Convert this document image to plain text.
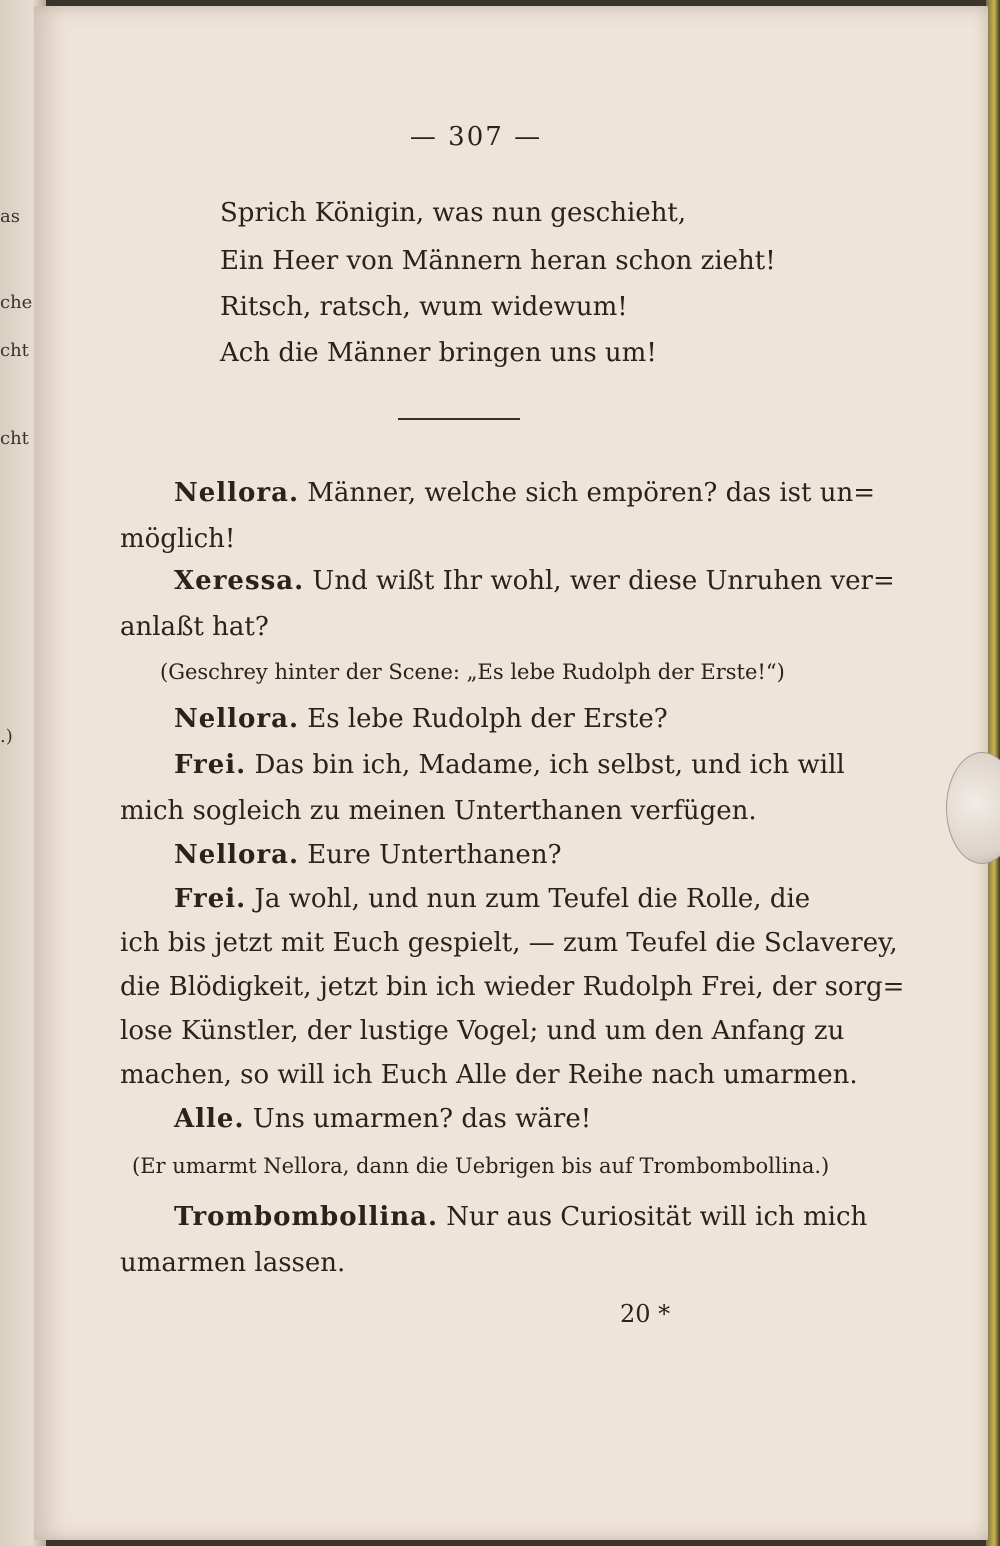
as
che
cht
cht
.)
— 307 —
Sprich Königin, was nun geschieht,
Ein Heer von Männern heran schon zieht!
Ritsch, ratsch, wum widewum!
Ach die Männer bringen uns um!
Nellora. Männer, welche sich empören? das ist un=
möglich!
Xeressa. Und wißt Ihr wohl, wer diese Unruhen ver=
anlaßt hat?
(Geschrey hinter der Scene: „Es lebe Rudolph der Erste!“)
Nellora. Es lebe Rudolph der Erste?
Frei. Das bin ich, Madame, ich selbst, und ich will
mich sogleich zu meinen Unterthanen verfügen.
Nellora. Eure Unterthanen?
Frei. Ja wohl, und nun zum Teufel die Rolle, die
ich bis jetzt mit Euch gespielt, — zum Teufel die Sclaverey,
die Blödigkeit, jetzt bin ich wieder Rudolph Frei, der sorg=
lose Künstler, der lustige Vogel; und um den Anfang zu
machen, so will ich Euch Alle der Reihe nach umarmen.
Alle. Uns umarmen? das wäre!
(Er umarmt Nellora, dann die Uebrigen bis auf Trombombollina.)
Trombombollina. Nur aus Curiosität will ich mich
umarmen lassen.
20 *
